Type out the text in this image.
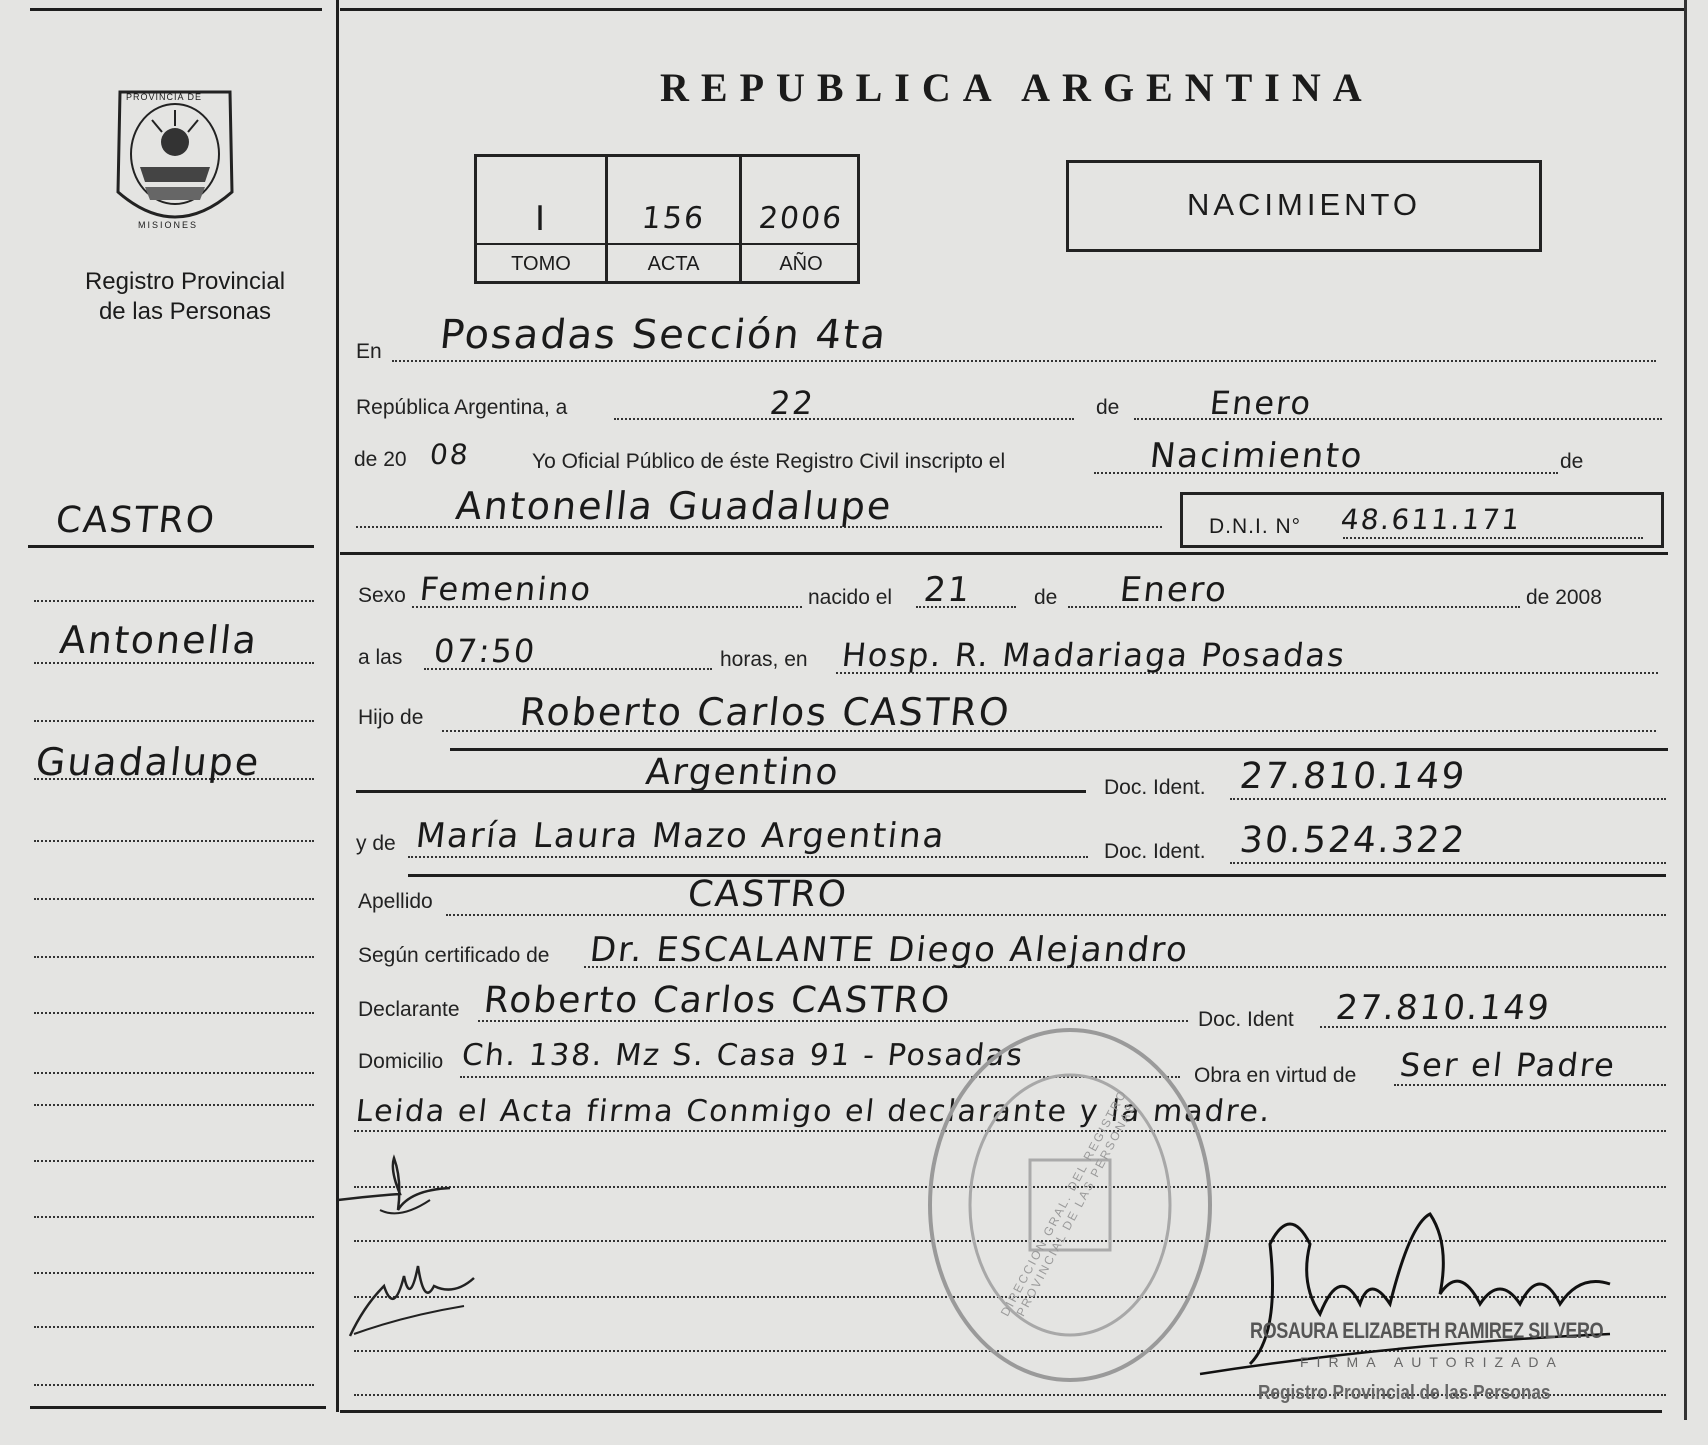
PROVINCIA DE
MISIONES
Registro Provincial
de las Personas
REPUBLICA ARGENTINA
I	156	2006
TOMO	ACTA	AÑO
NACIMIENTO
CASTRO
Antonella
Guadalupe
En Posadas Sección 4ta
República Argentina, a	22	de	Enero
de 20 08	Yo Oficial Público de éste Registro Civil inscripto el	Nacimiento	de
Antonella Guadalupe	D.N.I. N° 48.611.171
Sexo Femenino	nacido el 21	de Enero	de 2008
a las 07:50	horas, en Hosp. R. Madariaga Posadas
Hijo de Roberto Carlos CASTRO
Argentino	Doc. Ident. 27.810.149
y de María Laura Mazo Argentina	Doc. Ident. 30.524.322
Apellido	CASTRO
Según certificado de Dr. ESCALANTE Diego Alejandro
Declarante Roberto Carlos CASTRO	Doc. Ident 27.810.149
Domicilio Ch. 138. Mz S. Casa 91 - Posadas
Obra en virtud de Ser el Padre
Leida el Acta firma Conmigo el declarante y la madre.
DIRECCION GRAL. DEL REGISTRO PROVINCIAL DE LAS PERSONAS
ROSAURA ELIZABETH RAMIREZ SILVERO
FIRMA AUTORIZADA
Registro Provincial de las Personas
